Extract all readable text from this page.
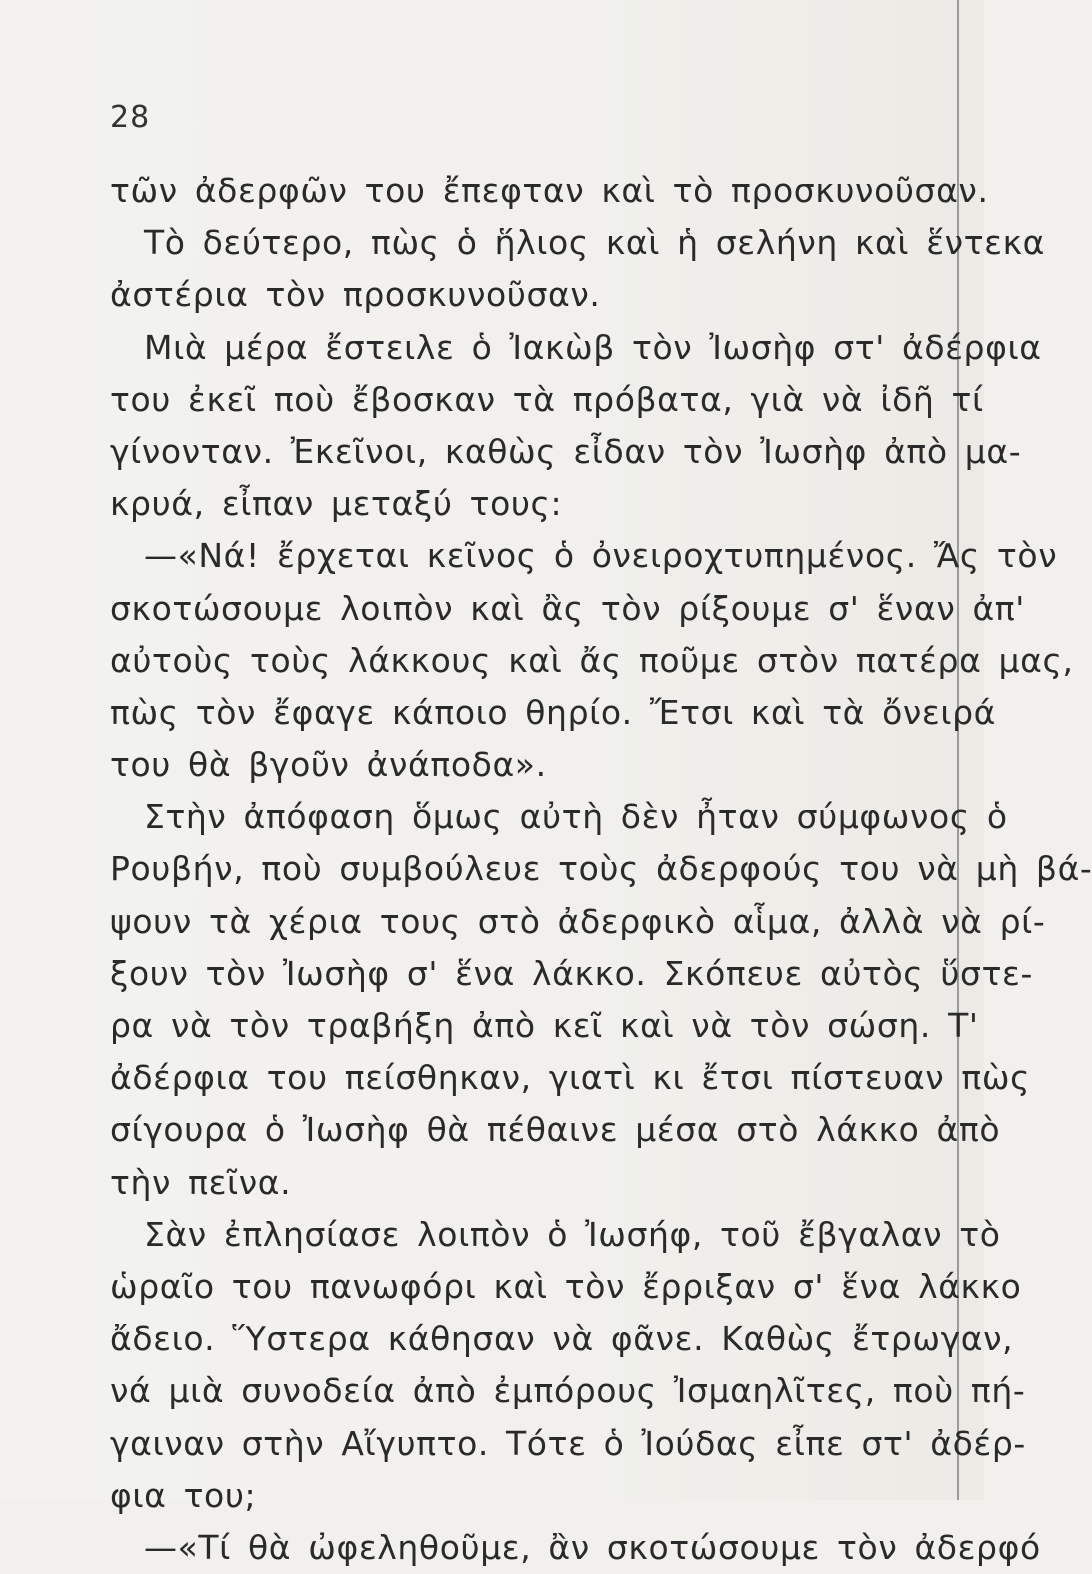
28
τῶν ἀδερφῶν του ἔπεφταν καὶ τὸ προσκυνοῦσαν.
Τὸ δεύτερο, πὼς ὁ ἥλιος καὶ ἡ σελήνη καὶ ἕντεκα
ἀστέρια τὸν προσκυνοῦσαν.
Μιὰ μέρα ἔστειλε ὁ Ἰακὼβ τὸν Ἰωσὴφ στ' ἀδέρφια
του ἐκεῖ ποὺ ἔβοσκαν τὰ πρόβατα, γιὰ νὰ ἰδῆ τί
γίνονταν. Ἐκεῖνοι, καθὼς εἶδαν τὸν Ἰωσὴφ ἀπὸ μα-
κρυά, εἶπαν μεταξύ τους:
—«Νά! ἔρχεται κεῖνος ὁ ὀνειροχτυπημένος. Ἄς τὸν
σκοτώσουμε λοιπὸν καὶ ἂς τὸν ρίξουμε σ' ἕναν ἀπ'
αὐτοὺς τοὺς λάκκους καὶ ἄς ποῦμε στὸν πατέρα μας,
πὼς τὸν ἔφαγε κάποιο θηρίο. Ἔτσι καὶ τὰ ὄνειρά
του θὰ βγοῦν ἀνάποδα».
Στὴν ἀπόφαση ὅμως αὐτὴ δὲν ἦταν σύμφωνος ὁ
Ρουβήν, ποὺ συμβούλευε τοὺς ἀδερφούς του νὰ μὴ βά-
ψουν τὰ χέρια τους στὸ ἀδερφικὸ αἷμα, ἀλλὰ νὰ ρί-
ξουν τὸν Ἰωσὴφ σ' ἕνα λάκκο. Σκόπευε αὐτὸς ὕστε-
ρα νὰ τὸν τραβήξη ἀπὸ κεῖ καὶ νὰ τὸν σώση. Τ'
ἀδέρφια του πείσθηκαν, γιατὶ κι ἔτσι πίστευαν πὼς
σίγουρα ὁ Ἰωσὴφ θὰ πέθαινε μέσα στὸ λάκκο ἀπὸ
τὴν πεῖνα.
Σὰν ἐπλησίασε λοιπὸν ὁ Ἰωσήφ, τοῦ ἔβγαλαν τὸ
ὡραῖο του πανωφόρι καὶ τὸν ἔρριξαν σ' ἕνα λάκκο
ἄδειο. Ὕστερα κάθησαν νὰ φᾶνε. Καθὼς ἔτρωγαν,
νά μιὰ συνοδεία ἀπὸ ἐμπόρους Ἰσμαηλῖτες, ποὺ πή-
γαιναν στὴν Αἴγυπτο. Τότε ὁ Ἰούδας εἶπε στ' ἀδέρ-
φια του;
—«Τί θὰ ὠφεληθοῦμε, ἂν σκοτώσουμε τὸν ἀδερφό
